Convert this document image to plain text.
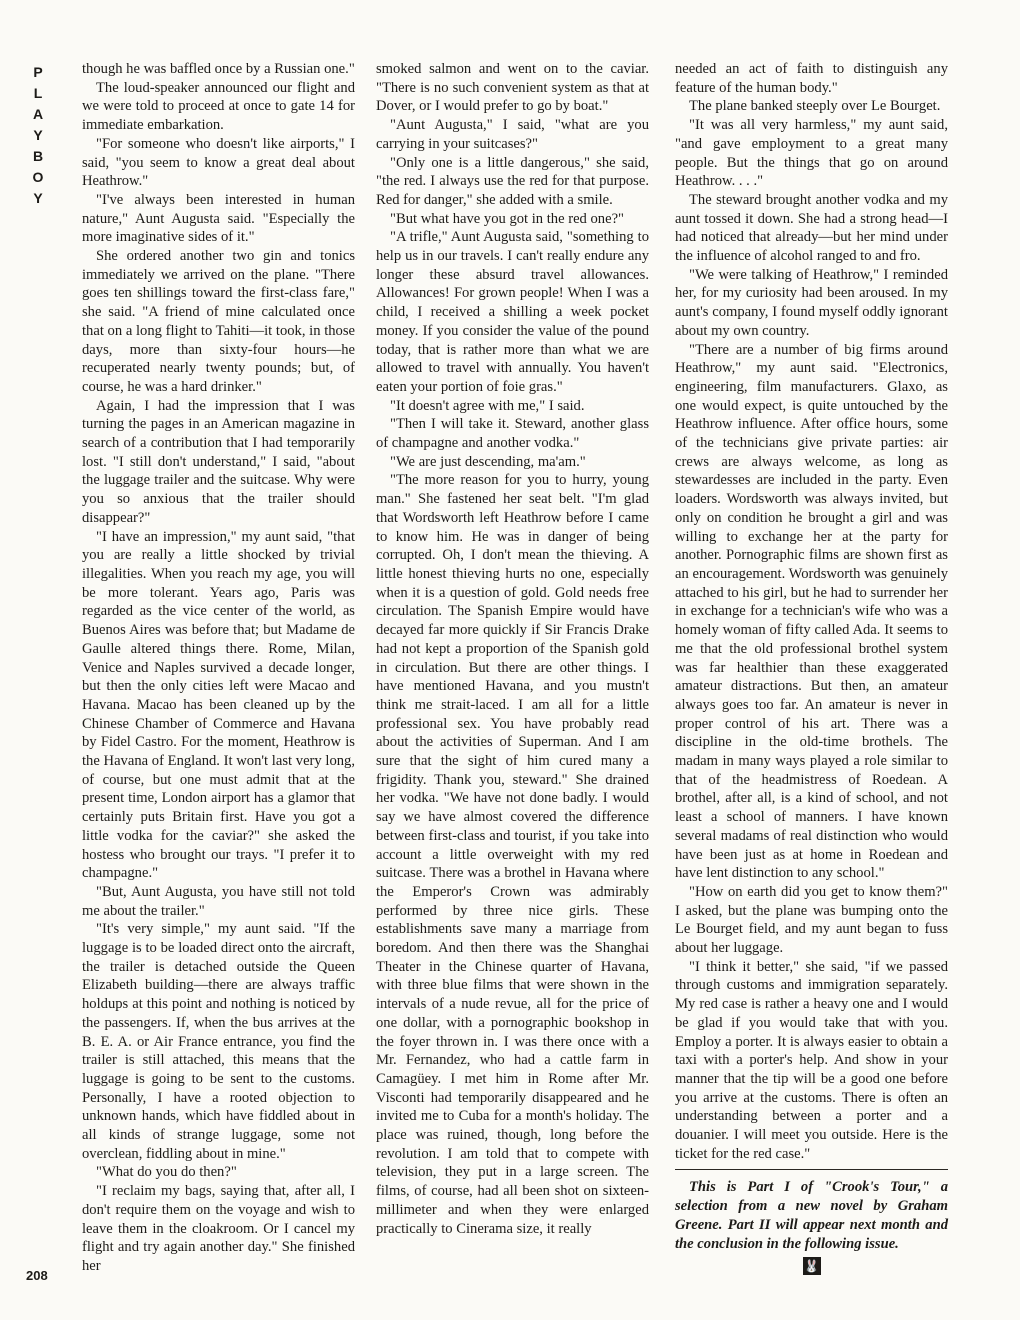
P
L
A
Y
B
O
Y

though he was baffled once by a Russian one."

The loud-speaker announced our flight and we were told to proceed at once to gate 14 for immediate embarkation.

"For someone who doesn't like airports," I said, "you seem to know a great deal about Heathrow."

"I've always been interested in human nature," Aunt Augusta said. "Especially the more imaginative sides of it."

She ordered another two gin and tonics immediately we arrived on the plane. "There goes ten shillings toward the first-class fare," she said. "A friend of mine calculated once that on a long flight to Tahiti—it took, in those days, more than sixty-four hours—he recuperated nearly twenty pounds; but, of course, he was a hard drinker."

Again, I had the impression that I was turning the pages in an American magazine in search of a contribution that I had temporarily lost. "I still don't understand," I said, "about the luggage trailer and the suitcase. Why were you so anxious that the trailer should disappear?"

"I have an impression," my aunt said, "that you are really a little shocked by trivial illegalities. When you reach my age, you will be more tolerant. Years ago, Paris was regarded as the vice center of the world, as Buenos Aires was before that; but Madame de Gaulle altered things there. Rome, Milan, Venice and Naples survived a decade longer, but then the only cities left were Macao and Havana. Macao has been cleaned up by the Chinese Chamber of Commerce and Havana by Fidel Castro. For the moment, Heathrow is the Havana of England. It won't last very long, of course, but one must admit that at the present time, London airport has a glamor that certainly puts Britain first. Have you got a little vodka for the caviar?" she asked the hostess who brought our trays. "I prefer it to champagne."

"But, Aunt Augusta, you have still not told me about the trailer."

"It's very simple," my aunt said. "If the luggage is to be loaded direct onto the aircraft, the trailer is detached outside the Queen Elizabeth building—there are always traffic holdups at this point and nothing is noticed by the passengers. If, when the bus arrives at the B. E. A. or Air France entrance, you find the trailer is still attached, this means that the luggage is going to be sent to the customs. Personally, I have a rooted objection to unknown hands, which have fiddled about in all kinds of strange luggage, some not overclean, fiddling about in mine."

"What do you do then?"

"I reclaim my bags, saying that, after all, I don't require them on the voyage and wish to leave them in the cloakroom. Or I cancel my flight and try again another day." She finished her

smoked salmon and went on to the caviar. "There is no such convenient system as that at Dover, or I would prefer to go by boat."

"Aunt Augusta," I said, "what are you carrying in your suitcases?"

"Only one is a little dangerous," she said, "the red. I always use the red for that purpose. Red for danger," she added with a smile.

"But what have you got in the red one?"

"A trifle," Aunt Augusta said, "something to help us in our travels. I can't really endure any longer these absurd travel allowances. Allowances! For grown people! When I was a child, I received a shilling a week pocket money. If you consider the value of the pound today, that is rather more than what we are allowed to travel with annually. You haven't eaten your portion of foie gras."

"It doesn't agree with me," I said.

"Then I will take it. Steward, another glass of champagne and another vodka."

"We are just descending, ma'am."

"The more reason for you to hurry, young man." She fastened her seat belt. "I'm glad that Wordsworth left Heathrow before I came to know him. He was in danger of being corrupted. Oh, I don't mean the thieving. A little honest thieving hurts no one, especially when it is a question of gold. Gold needs free circulation. The Spanish Empire would have decayed far more quickly if Sir Francis Drake had not kept a proportion of the Spanish gold in circulation. But there are other things. I have mentioned Havana, and you mustn't think me strait-laced. I am all for a little professional sex. You have probably read about the activities of Superman. And I am sure that the sight of him cured many a frigidity. Thank you, steward." She drained her vodka. "We have not done badly. I would say we have almost covered the difference between first-class and tourist, if you take into account a little overweight with my red suitcase. There was a brothel in Havana where the Emperor's Crown was admirably performed by three nice girls. These establishments save many a marriage from boredom. And then there was the Shanghai Theater in the Chinese quarter of Havana, with three blue films that were shown in the intervals of a nude revue, all for the price of one dollar, with a pornographic bookshop in the foyer thrown in. I was there once with a Mr. Fernandez, who had a cattle farm in Camagüey. I met him in Rome after Mr. Visconti had temporarily disappeared and he invited me to Cuba for a month's holiday. The place was ruined, though, long before the revolution. I am told that to compete with television, they put in a large screen. The films, of course, had all been shot on sixteen-millimeter and when they were enlarged practically to Cinerama size, it really

needed an act of faith to distinguish any feature of the human body."

The plane banked steeply over Le Bourget.

"It was all very harmless," my aunt said, "and gave employment to a great many people. But the things that go on around Heathrow. . . ."

The steward brought another vodka and my aunt tossed it down. She had a strong head—I had noticed that already—but her mind under the influence of alcohol ranged to and fro.

"We were talking of Heathrow," I reminded her, for my curiosity had been aroused. In my aunt's company, I found myself oddly ignorant about my own country.

"There are a number of big firms around Heathrow," my aunt said. "Electronics, engineering, film manufacturers. Glaxo, as one would expect, is quite untouched by the Heathrow influence. After office hours, some of the technicians give private parties: air crews are always welcome, as long as stewardesses are included in the party. Even loaders. Wordsworth was always invited, but only on condition he brought a girl and was willing to exchange her at the party for another. Pornographic films are shown first as an encouragement. Wordsworth was genuinely attached to his girl, but he had to surrender her in exchange for a technician's wife who was a homely woman of fifty called Ada. It seems to me that the old professional brothel system was far healthier than these exaggerated amateur distractions. But then, an amateur always goes too far. An amateur is never in proper control of his art. There was a discipline in the old-time brothels. The madam in many ways played a role similar to that of the headmistress of Roedean. A brothel, after all, is a kind of school, and not least a school of manners. I have known several madams of real distinction who would have been just as at home in Roedean and have lent distinction to any school."

"How on earth did you get to know them?" I asked, but the plane was bumping onto the Le Bourget field, and my aunt began to fuss about her luggage.

"I think it better," she said, "if we passed through customs and immigration separately. My red case is rather a heavy one and I would be glad if you would take that with you. Employ a porter. It is always easier to obtain a taxi with a porter's help. And show in your manner that the tip will be a good one before you arrive at the customs. There is often an understanding between a porter and a douanier. I will meet you outside. Here is the ticket for the red case."

This is Part I of "Crook's Tour," a selection from a new novel by Graham Greene. Part II will appear next month and the conclusion in the following issue.

🐰
208
